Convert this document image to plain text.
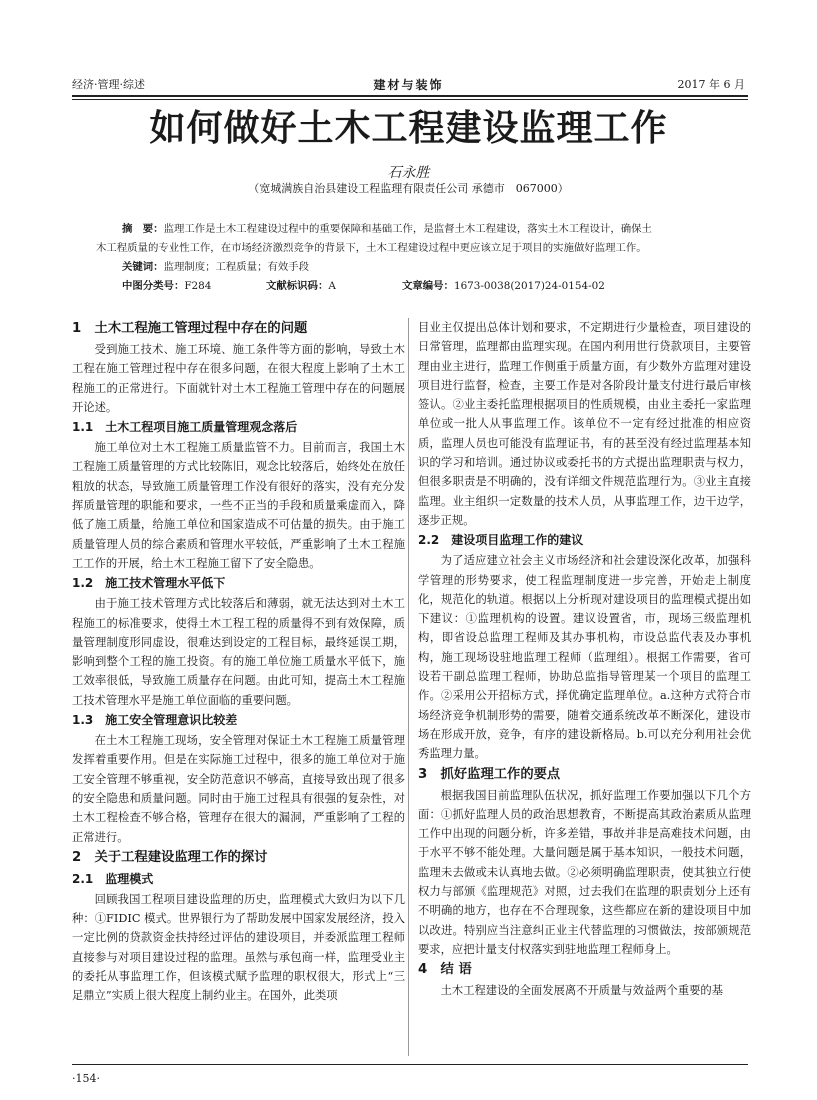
经济·管理·综述	建材与装饰	2017 年 6 月
如何做好土木工程建设监理工作
石永胜
（宽城满族自治县建设工程监理有限责任公司 承德市　067000）
摘　要：监理工作是土木工程建设过程中的重要保障和基础工作，是监督土木工程建设，落实土木工程设计，确保土
木工程质量的专业性工作，在市场经济激烈竞争的背景下，土木工程建设过程中更应该立足于项目的实施做好监理工作。
关键词：监理制度；工程质量；有效手段
中图分类号：F284	文献标识码：A	文章编号：1673-0038(2017)24-0154-02
1　土木工程施工管理过程中存在的问题

受到施工技术、施工环境、施工条件等方面的影响，导致土木工程在施工管理过程中存在很多问题，在很大程度上影响了土木工程施工的正常进行。下面就针对土木工程施工管理中存在的问题展开论述。

1.1　土木工程项目施工质量管理观念落后

施工单位对土木工程施工质量监管不力。目前而言，我国土木工程施工质量管理的方式比较陈旧，观念比较落后，始终处在放任粗放的状态，导致施工质量管理工作没有很好的落实，没有充分发挥质量管理的职能和要求，一些不正当的手段和质量乘虚而入，降低了施工质量，给施工单位和国家造成不可估量的损失。由于施工质量管理人员的综合素质和管理水平较低，严重影响了土木工程施工工作的开展，给土木工程施工留下了安全隐患。

1.2　施工技术管理水平低下

由于施工技术管理方式比较落后和薄弱，就无法达到对土木工程施工的标准要求，使得土木工程工程的质量得不到有效保障，质量管理制度形同虚设，很难达到设定的工程目标，最终延误工期，影响到整个工程的施工投资。有的施工单位施工质量水平低下，施工效率很低，导致施工质量存在问题。由此可知，提高土木工程施工技术管理水平是施工单位面临的重要问题。

1.3　施工安全管理意识比较差

在土木工程施工现场，安全管理对保证土木工程施工质量管理发挥着重要作用。但是在实际施工过程中，很多的施工单位对于施工安全管理不够重视，安全防范意识不够高，直接导致出现了很多的安全隐患和质量问题。同时由于施工过程具有很强的复杂性，对土木工程检查不够合格，管理存在很大的漏洞，严重影响了工程的正常进行。

2　关于工程建设监理工作的探讨
2.1　监理模式

回顾我国工程项目建设监理的历史，监理模式大致归为以下几种：①FIDIC 模式。世界银行为了帮助发展中国家发展经济，投入一定比例的贷款资金扶持经过评估的建设项目，并委派监理工程师直接参与对项目建设过程的监理。虽然与承包商一样，监理受业主的委托从事监理工作，但该模式赋予监理的职权很大，形式上“三足鼎立”实质上很大程度上制约业主。在国外，此类项

目业主仅提出总体计划和要求，不定期进行少量检查，项目建设的日常管理，监理都由监理实现。在国内利用世行贷款项目，主要管理由业主进行，监理工作侧重于质量方面，有少数外方监理对建设项目进行监督，检查，主要工作是对各阶段计量支付进行最后审核签认。②业主委托监理根据项目的性质规模，由业主委托一家监理单位或一批人从事监理工作。该单位不一定有经过批准的相应资质，监理人员也可能没有监理证书，有的甚至没有经过监理基本知识的学习和培训。通过协议或委托书的方式提出监理职责与权力，但很多职责是不明确的，没有详细文件规范监理行为。③业主直接监理。业主组织一定数量的技术人员，从事监理工作，边干边学，逐步正规。

2.2　建设项目监理工作的建议

为了适应建立社会主义市场经济和社会建设深化改革，加强科学管理的形势要求，使工程监理制度进一步完善，开始走上制度化，规范化的轨道。根据以上分析现对建设项目的监理模式提出如下建议：①监理机构的设置。建议设置省，市，现场三级监理机构，即省设总监理工程师及其办事机构，市设总监代表及办事机构，施工现场设驻地监理工程师（监理组）。根据工作需要，省可设若干副总监理工程师，协助总监指导管理某一个项目的监理工作。②采用公开招标方式，择优确定监理单位。a.这种方式符合市场经济竞争机制形势的需要，随着交通系统改革不断深化，建设市场在形成开放，竞争，有序的建设新格局。b.可以充分利用社会优秀监理力量。

3　抓好监理工作的要点

根据我国目前监理队伍状况，抓好监理工作要加强以下几个方面：①抓好监理人员的政治思想教育，不断提高其政治素质从监理工作中出现的问题分析，许多差错，事故并非是高难技术问题，由于水平不够不能处理。大量问题是属于基本知识，一般技术问题，监理未去做或未认真地去做。②必须明确监理职责，使其独立行使权力与部颁《监理规范》对照，过去我们在监理的职责划分上还有不明确的地方，也存在不合理现象，这些都应在新的建设项目中加以改进。特别应当注意纠正业主代替监理的习惯做法，按部颁规范要求，应把计量支付权落实到驻地监理工程师身上。

4　结 语

土木工程建设的全面发展离不开质量与效益两个重要的基

·154·
